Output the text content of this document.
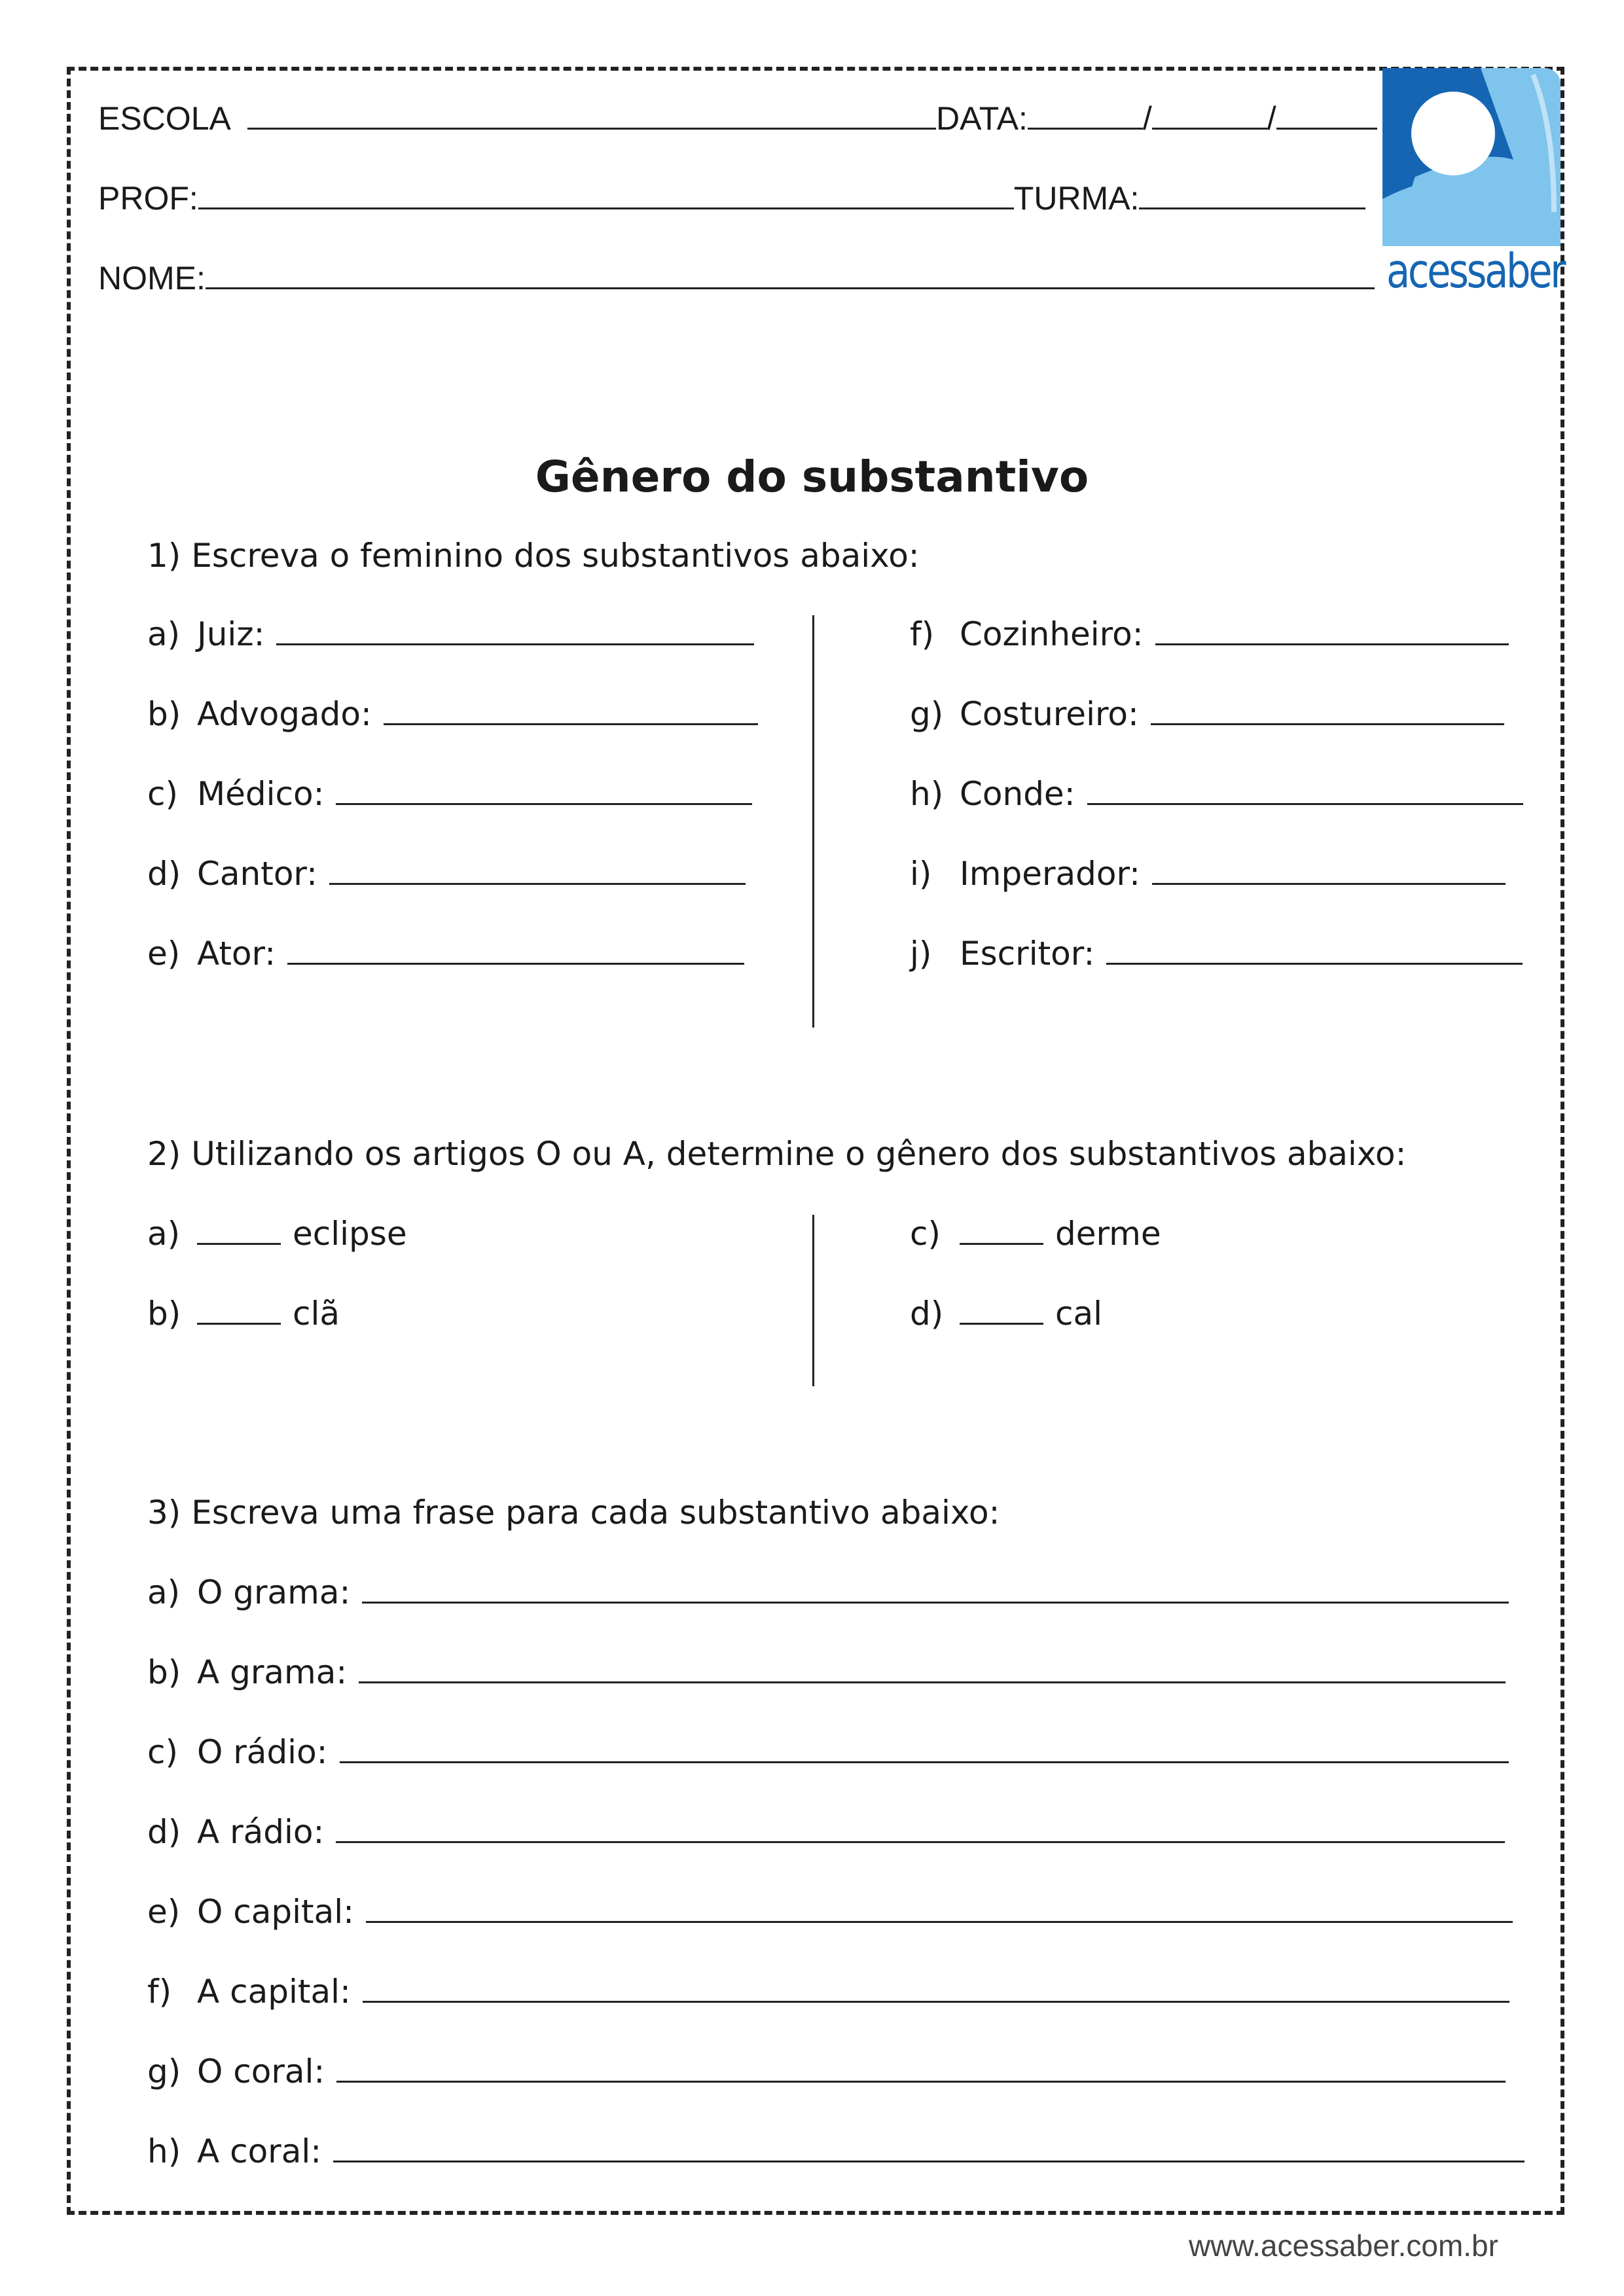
ESCOLA	DATA:	/	/
PROF:	TURMA:
NOME:	acessaber
Gênero do substantivo
1) Escreva o feminino dos substantivos abaixo:
a) Juiz:
b) Advogado:
c) Médico:
d) Cantor:
e) Ator:
f) Cozinheiro:
g) Costureiro:
h) Conde:
i) Imperador:
j) Escritor:
2) Utilizando os artigos O ou A, determine o gênero dos substantivos abaixo:
a)	eclipse
b)	clã
c)	derme
d)	cal
3) Escreva uma frase para cada substantivo abaixo:
a) O grama:
b) A grama:
c) O rádio:
d) A rádio:
e) O capital:
f) A capital:
g) O coral:
h) A coral:
www.acessaber.com.br
